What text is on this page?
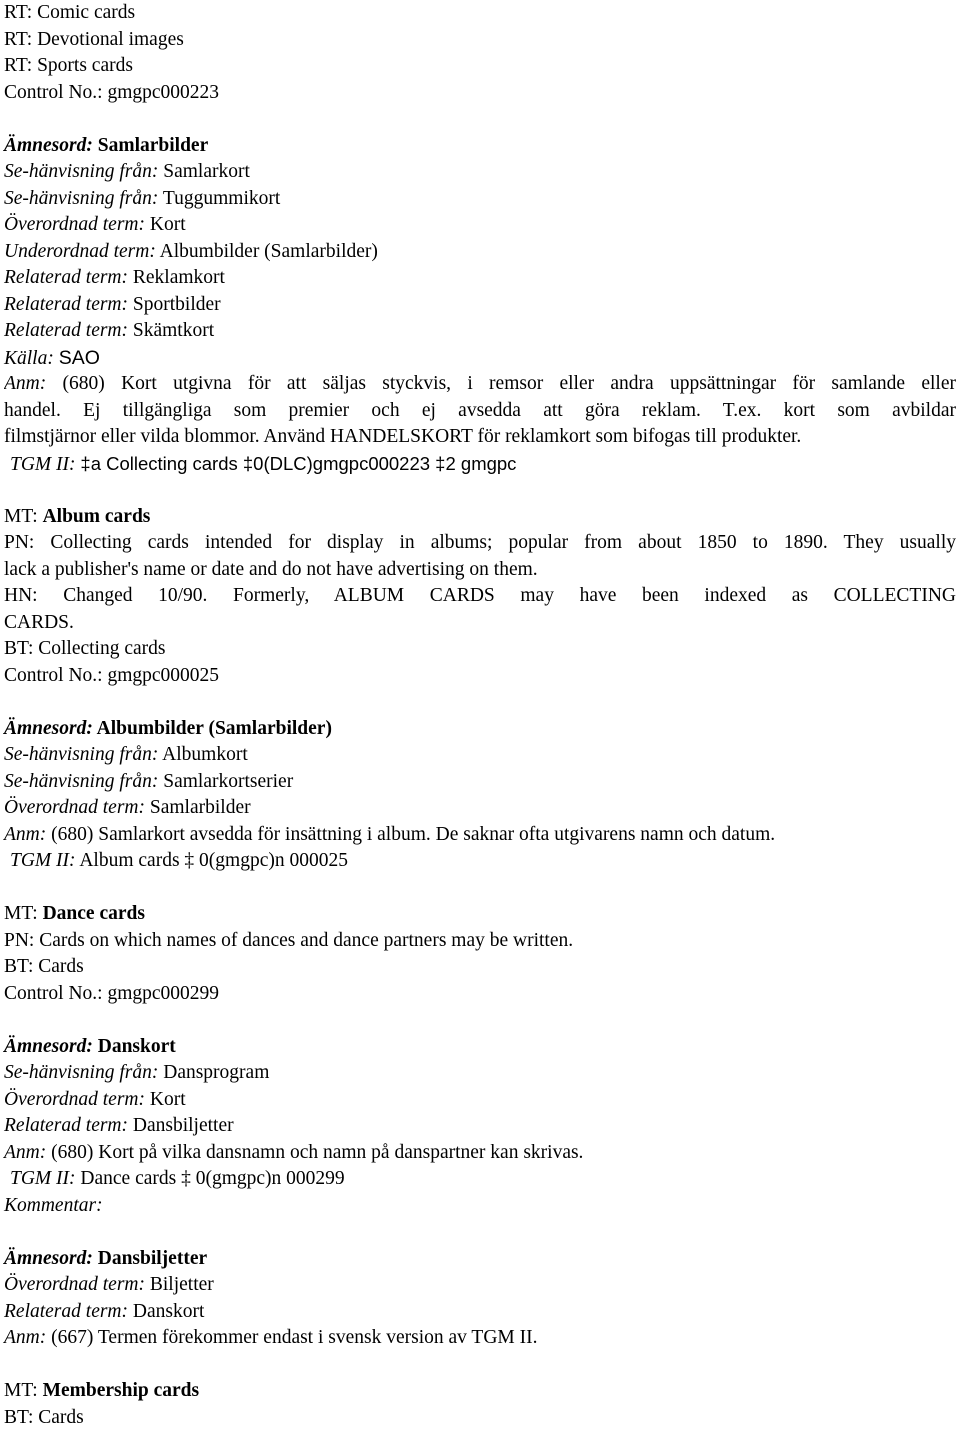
RT: Comic cards
RT: Devotional images
RT: Sports cards
Control No.: gmgpc000223
Ämnesord: Samlarbilder
Se-hänvisning från: Samlarkort
Se-hänvisning från: Tuggummikort
Överordnad term: Kort
Underordnad term: Albumbilder (Samlarbilder)
Relaterad term: Reklamkort
Relaterad term: Sportbilder
Relaterad term: Skämtkort
Källa: SAO
Anm: (680) Kort utgivna för att säljas styckvis, i remsor eller andra uppsättningar för samlande eller
handel. Ej tillgängliga som premier och ej avsedda att göra reklam. T.ex. kort som avbildar
filmstjärnor eller vilda blommor. Använd HANDELSKORT för reklamkort som bifogas till produkter.
TGM II: ‡a Collecting cards ‡0(DLC)gmgpc000223 ‡2 gmgpc
MT: Album cards
PN: Collecting cards intended for display in albums; popular from about 1850 to 1890. They usually
lack a publisher's name or date and do not have advertising on them.
HN: Changed 10/90. Formerly, ALBUM CARDS may have been indexed as COLLECTING
CARDS.
BT: Collecting cards
Control No.: gmgpc000025
Ämnesord: Albumbilder (Samlarbilder)
Se-hänvisning från: Albumkort
Se-hänvisning från: Samlarkortserier
Överordnad term: Samlarbilder
Anm: (680) Samlarkort avsedda för insättning i album. De saknar ofta utgivarens namn och datum.
TGM II: Album cards ‡ 0(gmgpc)n 000025
MT: Dance cards
PN: Cards on which names of dances and dance partners may be written.
BT: Cards
Control No.: gmgpc000299
Ämnesord: Danskort
Se-hänvisning från: Dansprogram
Överordnad term: Kort
Relaterad term: Dansbiljetter
Anm: (680) Kort på vilka dansnamn och namn på danspartner kan skrivas.
TGM II: Dance cards ‡ 0(gmgpc)n 000299
Kommentar:
Ämnesord: Dansbiljetter
Överordnad term: Biljetter
Relaterad term: Danskort
Anm: (667) Termen förekommer endast i svensk version av TGM II.
MT: Membership cards
BT: Cards
